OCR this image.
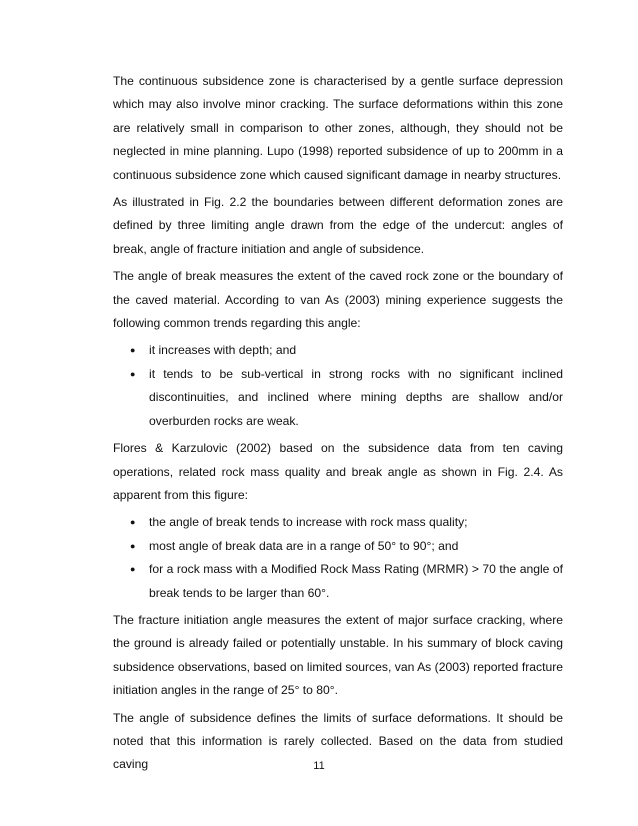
The continuous subsidence zone is characterised by a gentle surface depression which may also involve minor cracking. The surface deformations within this zone are relatively small in comparison to other zones, although, they should not be neglected in mine planning. Lupo (1998) reported subsidence of up to 200mm in a continuous subsidence zone which caused significant damage in nearby structures.

As illustrated in Fig. 2.2 the boundaries between different deformation zones are defined by three limiting angle drawn from the edge of the undercut: angles of break, angle of fracture initiation and angle of subsidence.

The angle of break measures the extent of the caved rock zone or the boundary of the caved material. According to van As (2003) mining experience suggests the following common trends regarding this angle:

● it increases with depth; and
● it tends to be sub-vertical in strong rocks with no significant inclined discontinuities, and inclined where mining depths are shallow and/or overburden rocks are weak.

Flores & Karzulovic (2002) based on the subsidence data from ten caving operations, related rock mass quality and break angle as shown in Fig. 2.4. As apparent from this figure:

● the angle of break tends to increase with rock mass quality;
● most angle of break data are in a range of 50° to 90°; and
● for a rock mass with a Modified Rock Mass Rating (MRMR) > 70 the angle of break tends to be larger than 60°.

The fracture initiation angle measures the extent of major surface cracking, where the ground is already failed or potentially unstable. In his summary of block caving subsidence observations, based on limited sources, van As (2003) reported fracture initiation angles in the range of 25° to 80°.

The angle of subsidence defines the limits of surface deformations. It should be noted that this information is rarely collected. Based on the data from studied caving	11
